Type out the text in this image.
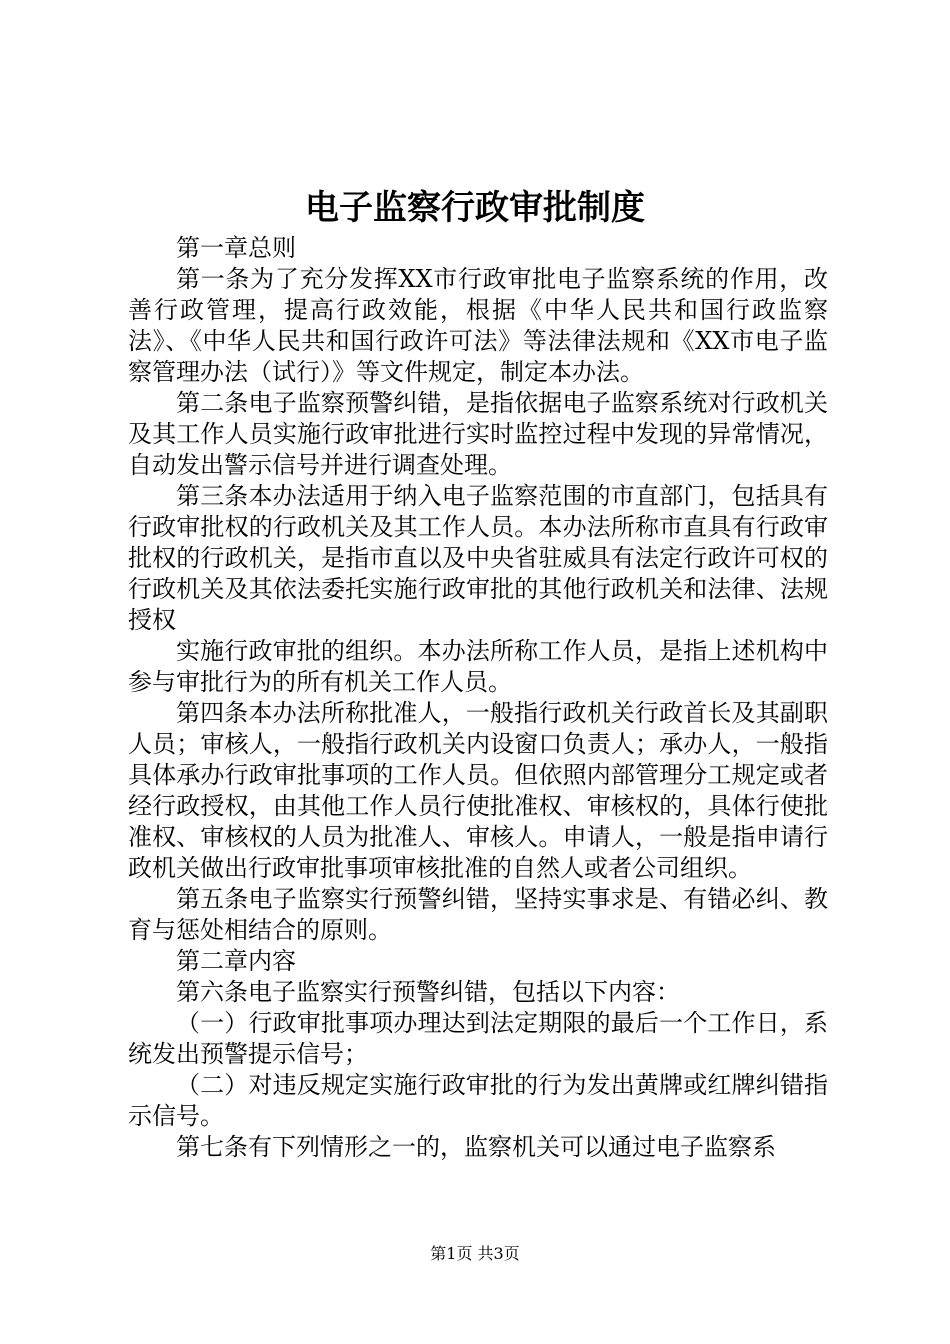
电子监察行政审批制度

第一章总则

第一条为了充分发挥XX市行政审批电子监察系统的作用，改善行政管理，提高行政效能，根据《中华人民共和国行政监察法》、《中华人民共和国行政许可法》等法律法规和《XX市电子监察管理办法（试行）》等文件规定，制定本办法。

第二条电子监察预警纠错，是指依据电子监察系统对行政机关及其工作人员实施行政审批进行实时监控过程中发现的异常情况，自动发出警示信号并进行调查处理。

第三条本办法适用于纳入电子监察范围的市直部门，包括具有行政审批权的行政机关及其工作人员。本办法所称市直具有行政审批权的行政机关，是指市直以及中央省驻威具有法定行政许可权的行政机关及其依法委托实施行政审批的其他行政机关和法律、法规授权

实施行政审批的组织。本办法所称工作人员，是指上述机构中参与审批行为的所有机关工作人员。

第四条本办法所称批准人，一般指行政机关行政首长及其副职人员；审核人，一般指行政机关内设窗口负责人；承办人，一般指具体承办行政审批事项的工作人员。但依照内部管理分工规定或者经行政授权，由其他工作人员行使批准权、审核权的，具体行使批准权、审核权的人员为批准人、审核人。申请人，一般是指申请行政机关做出行政审批事项审核批准的自然人或者公司组织。

第五条电子监察实行预警纠错，坚持实事求是、有错必纠、教育与惩处相结合的原则。

第二章内容

第六条电子监察实行预警纠错，包括以下内容：

（一）行政审批事项办理达到法定期限的最后一个工作日，系统发出预警提示信号；

（二）对违反规定实施行政审批的行为发出黄牌或红牌纠错指示信号。

第七条有下列情形之一的，监察机关可以通过电子监察系

第1页 共3页
